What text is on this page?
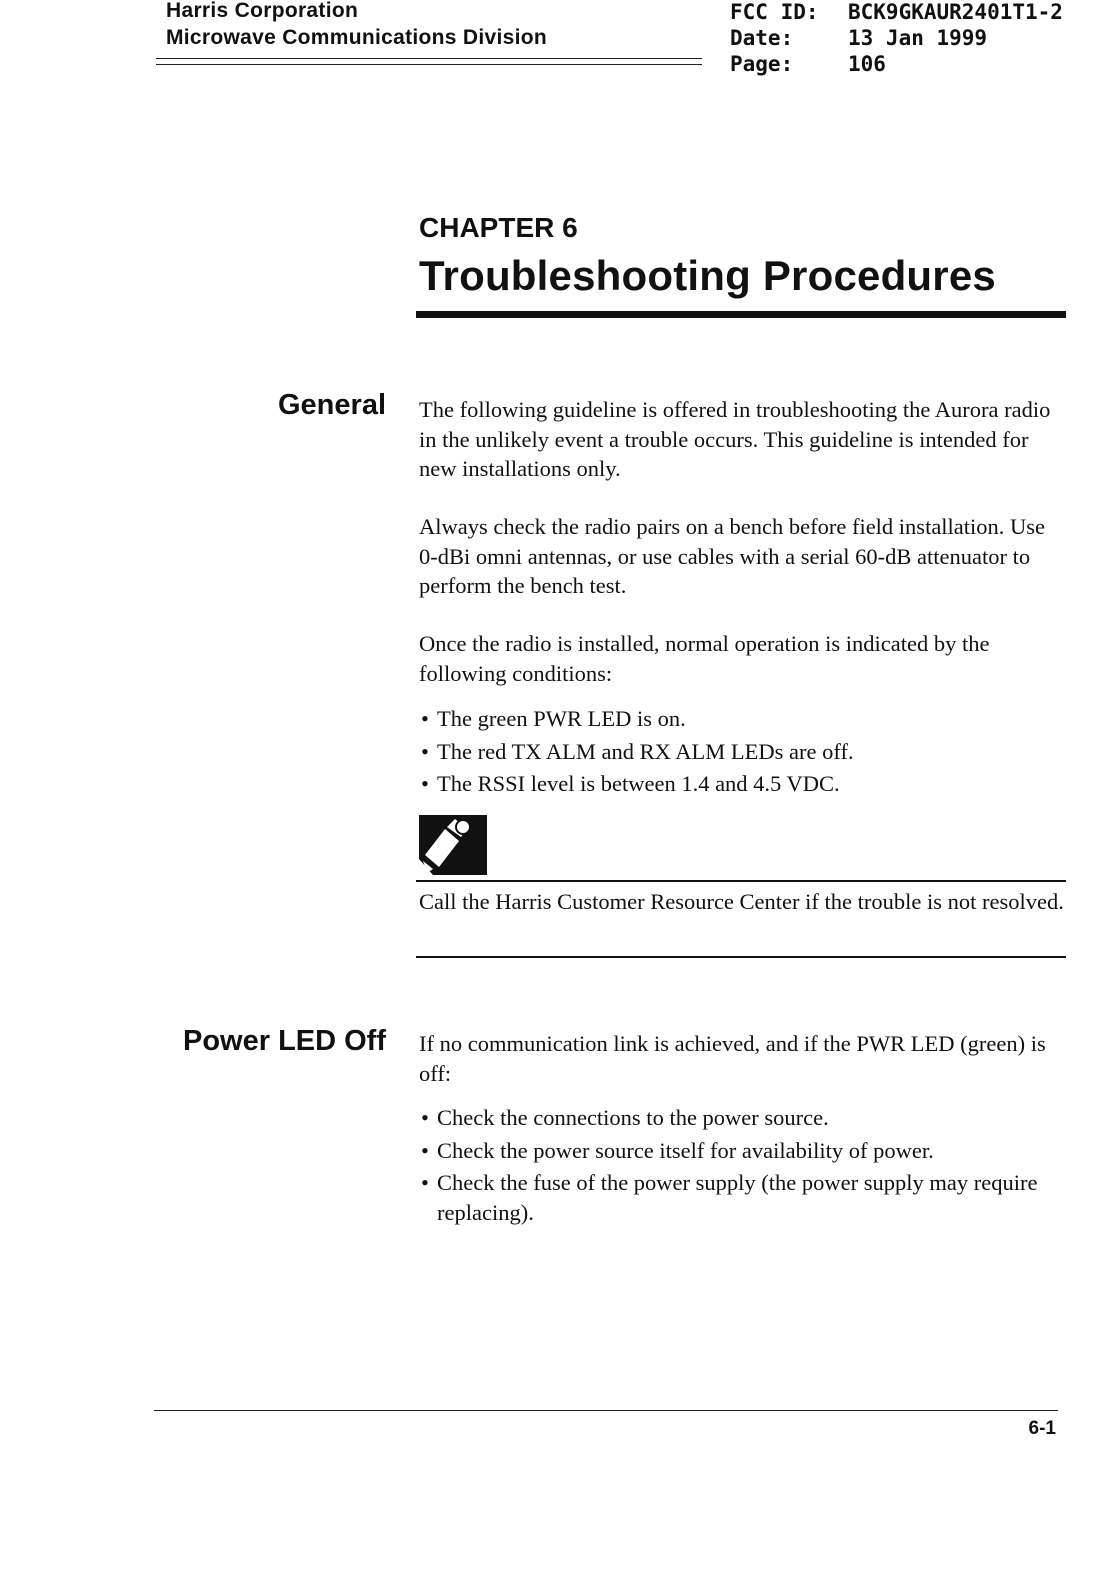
Harris Corporation
Microwave Communications Division
FCC ID:	BCK9GKAUR2401T1-2
Date:	13 Jan 1999
Page:	106
CHAPTER 6
Troubleshooting Procedures
General The following guideline is offered in troubleshooting the Aurora radio in the unlikely event a trouble occurs. This guideline is intended for new installations only.
Always check the radio pairs on a bench before field installation. Use 0-dBi omni antennas, or use cables with a serial 60-dB attenuator to perform the bench test.
Once the radio is installed, normal operation is indicated by the following conditions:
• The green PWR LED is on.
• The red TX ALM and RX ALM LEDs are off.
• The RSSI level is between 1.4 and 4.5 VDC.
Call the Harris Customer Resource Center if the trouble is not resolved.
Power LED Off If no communication link is achieved, and if the PWR LED (green) is off:
• Check the connections to the power source.
• Check the power source itself for availability of power.
• Check the fuse of the power supply (the power supply may require replacing).
6-1
